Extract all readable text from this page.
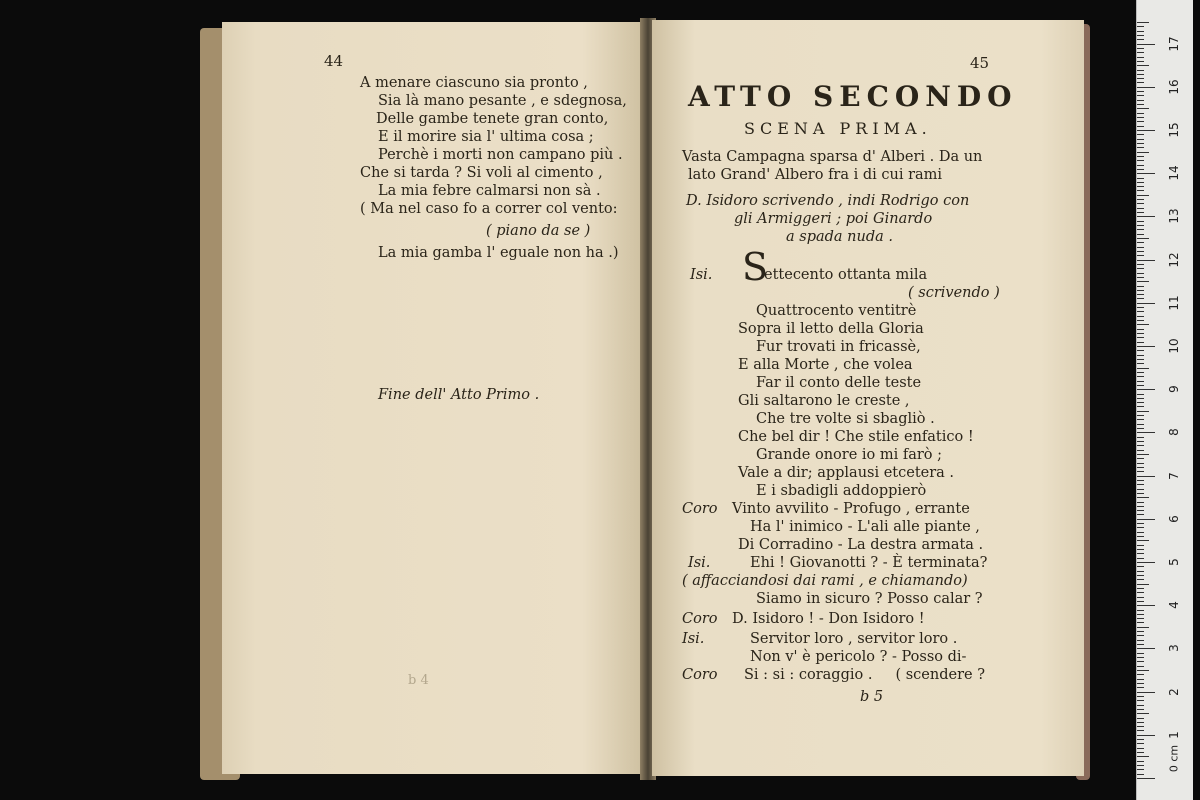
44
A menare ciascuno sia pronto ,
Sia là mano pesante , e sdegnosa,
Delle gambe tenete gran conto,
E il morire sia l' ultima cosa ;
Perchè i morti non campano più .
Che si tarda ? Si voli al cimento ,
La mia febre calmarsi non sà .
( Ma nel caso fo a correr col vento:
( piano da se )
La mia gamba l' eguale non ha .)
Fine dell' Atto Primo .
b 4
45
ATTO SECONDO
SCENA PRIMA.
Vasta Campagna sparsa d' Alberi . Da un
lato Grand' Albero fra i di cui rami
D. Isidoro scrivendo , indi Rodrigo con
gli Armiggeri ; poi Ginardo
a spada nuda .
Isi. S
ettecento ottanta mila
( scrivendo )
Quattrocento ventitrè
Sopra il letto della Gloria
Fur trovati in fricassè,
E alla Morte , che volea
Far il conto delle teste
Gli saltarono le creste ,
Che tre volte si sbagliò .
Che bel dir ! Che stile enfatico !
Grande onore io mi farò ;
Vale a dir; applausi etcetera .
E i sbadigli addoppierò
Coro Vinto avvilito - Profugo , errante
Ha l' inimico - L'ali alle piante ,
Di Corradino - La destra armata .
Isi.	Ehi ! Giovanotti ? - È terminata?
( affacciandosi dai rami , e chiamando)
Siamo in sicuro ? Posso calar ?
Coro D. Isidoro ! - Don Isidoro !
Isi.	Servitor loro , servitor loro .
Non v' è pericolo ? - Posso di-
Coro Si : si : coraggio .     ( scendere ?
b 5
1
2
3
4
5
6
7
8
9
10
11
12
13
14
15
16
17
0 cm
